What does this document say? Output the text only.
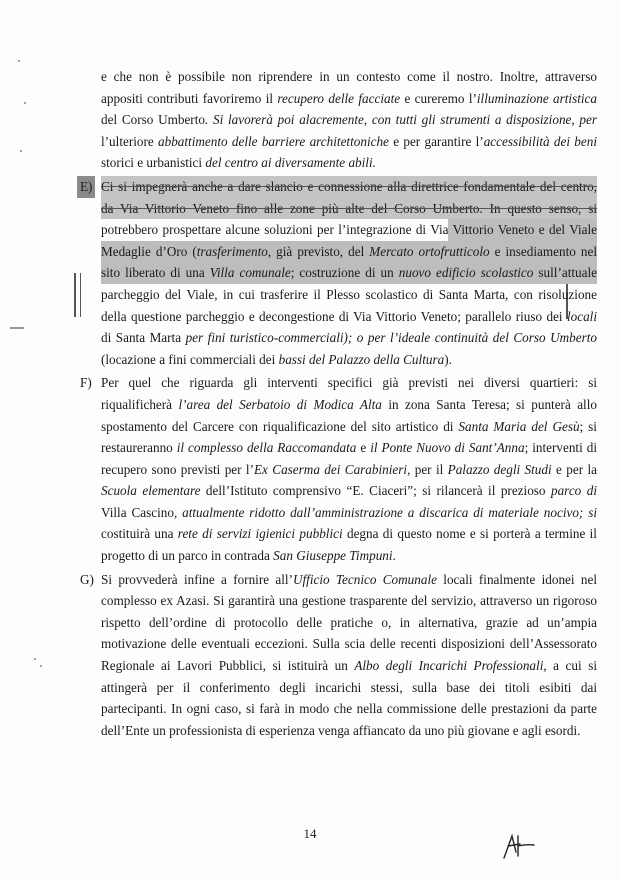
e che non è possibile non riprendere in un contesto come il nostro. Inoltre, attraverso
appositi contributi favoriremo il recupero delle facciate e cureremo l’illuminazione artistica
del Corso Umberto. Si lavorerà poi alacremente, con tutti gli strumenti a disposizione, per
l’ulteriore abbattimento delle barriere architettoniche e per garantire l’accessibilità dei beni
storici e urbanistici del centro ai diversamente abili.
E) Ci si impegnerà anche a dare slancio e connessione alla direttrice fondamentale del centro,
da Via Vittorio Veneto fino alle zone più alte del Corso Umberto. In questo senso, si
potrebbero prospettare alcune soluzioni per l’integrazione di Via Vittorio Veneto e del Viale
Medaglie d’Oro (trasferimento, già previsto, del Mercato ortofrutticolo e insediamento nel
sito liberato di una Villa comunale; costruzione di un nuovo edificio scolastico sull’attuale
parcheggio del Viale, in cui trasferire il Plesso scolastico di Santa Marta, con risoluzione
della questione parcheggio e decongestione di Via Vittorio Veneto; parallelo riuso dei locali
di Santa Marta per fini turistico-commerciali); o per l’ideale continuità del Corso Umberto
(locazione a fini commerciali dei bassi del Palazzo della Cultura).
F) Per quel che riguarda gli interventi specifici già previsti nei diversi quartieri: si
riqualificherà l’area del Serbatoio di Modica Alta in zona Santa Teresa; si punterà allo
spostamento del Carcere con riqualificazione del sito artistico di Santa Maria del Gesù; si
restaureranno il complesso della Raccomandata e il Ponte Nuovo di Sant’Anna; interventi di
recupero sono previsti per l’Ex Caserma dei Carabinieri, per il Palazzo degli Studi e per la
Scuola elementare dell’Istituto comprensivo “E. Ciaceri”; si rilancerà il prezioso parco di
Villa Cascino, attualmente ridotto dall’amministrazione a discarica di materiale nocivo; si
costituirà una rete di servizi igienici pubblici degna di questo nome e si porterà a termine il
progetto di un parco in contrada San Giuseppe Timpuni.
G) Si provvederà infine a fornire all’Ufficio Tecnico Comunale locali finalmente idonei nel
complesso ex Azasi. Si garantirà una gestione trasparente del servizio, attraverso un rigoroso
rispetto dell’ordine di protocollo delle pratiche o, in alternativa, grazie ad un’ampia
motivazione delle eventuali eccezioni. Sulla scia delle recenti disposizioni dell’Assessorato
Regionale ai Lavori Pubblici, si istituirà un Albo degli Incarichi Professionali, a cui si
attingerà per il conferimento degli incarichi stessi, sulla base dei titoli esibiti dai
partecipanti. In ogni caso, si farà in modo che nella commissione delle prestazioni da parte
dell’Ente un professionista di esperienza venga affiancato da uno più giovane e agli esordi.
14
